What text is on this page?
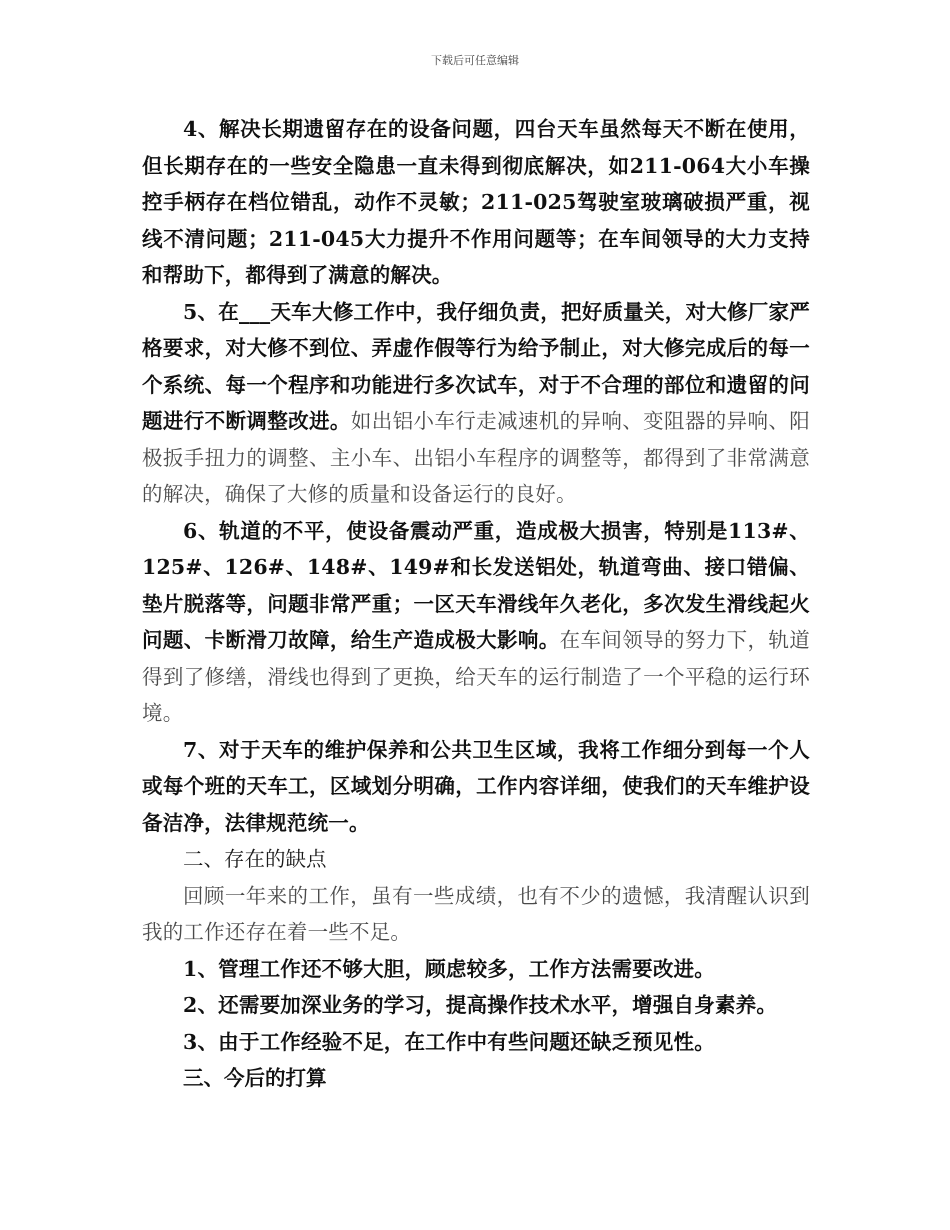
下载后可任意编辑

4、解决长期遗留存在的设备问题，四台天车虽然每天不断在使用，但长期存在的一些安全隐患一直未得到彻底解决，如211-064大小车操控手柄存在档位错乱，动作不灵敏；211-025驾驶室玻璃破损严重，视线不清问题；211-045大力提升不作用问题等；在车间领导的大力支持和帮助下，都得到了满意的解决。

5、在___天车大修工作中，我仔细负责，把好质量关，对大修厂家严格要求，对大修不到位、弄虚作假等行为给予制止，对大修完成后的每一个系统、每一个程序和功能进行多次试车，对于不合理的部位和遗留的问题进行不断调整改进。如出铝小车行走减速机的异响、变阻器的异响、阳极扳手扭力的调整、主小车、出铝小车程序的调整等，都得到了非常满意的解决，确保了大修的质量和设备运行的良好。

6、轨道的不平，使设备震动严重，造成极大损害，特别是113#、125#、126#、148#、149#和长发送铝处，轨道弯曲、接口错偏、垫片脱落等，问题非常严重；一区天车滑线年久老化，多次发生滑线起火问题、卡断滑刀故障，给生产造成极大影响。在车间领导的努力下，轨道得到了修缮，滑线也得到了更换，给天车的运行制造了一个平稳的运行环境。

7、对于天车的维护保养和公共卫生区域，我将工作细分到每一个人或每个班的天车工，区域划分明确，工作内容详细，使我们的天车维护设备洁净，法律规范统一。

二、存在的缺点

回顾一年来的工作，虽有一些成绩，也有不少的遗憾，我清醒认识到我的工作还存在着一些不足。

1、管理工作还不够大胆，顾虑较多，工作方法需要改进。

2、还需要加深业务的学习，提高操作技术水平，增强自身素养。

3、由于工作经验不足，在工作中有些问题还缺乏预见性。

三、今后的打算
